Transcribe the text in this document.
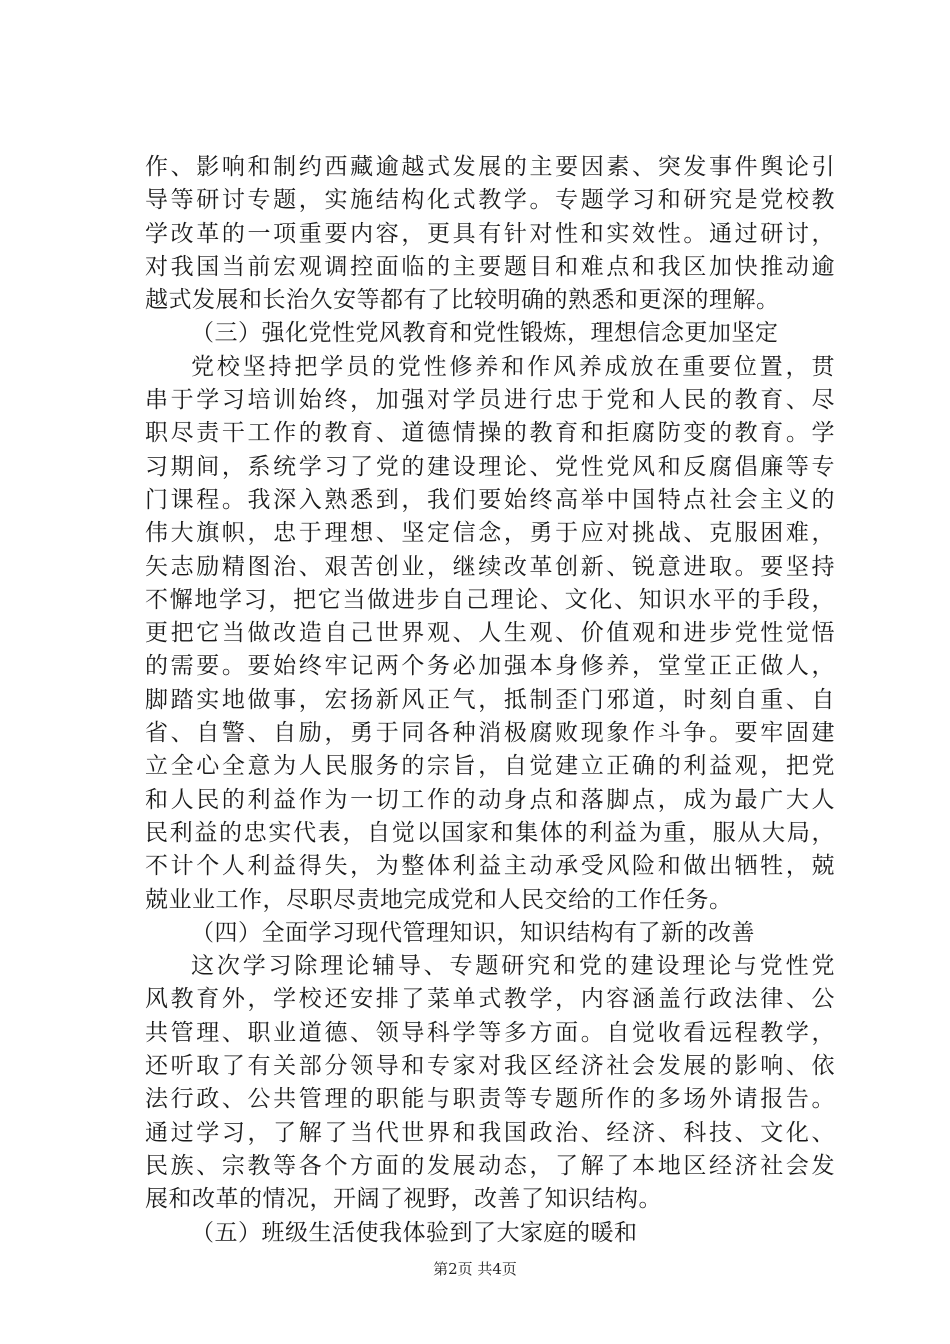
作、影响和制约西藏逾越式发展的主要因素、突发事件舆论引
导等研讨专题，实施结构化式教学。专题学习和研究是党校教
学改革的一项重要内容，更具有针对性和实效性。通过研讨，
对我国当前宏观调控面临的主要题目和难点和我区加快推动逾
越式发展和长治久安等都有了比较明确的熟悉和更深的理解。
（三）强化党性党风教育和党性锻炼，理想信念更加坚定
党校坚持把学员的党性修养和作风养成放在重要位置，贯
串于学习培训始终，加强对学员进行忠于党和人民的教育、尽
职尽责干工作的教育、道德情操的教育和拒腐防变的教育。学
习期间，系统学习了党的建设理论、党性党风和反腐倡廉等专
门课程。我深入熟悉到，我们要始终高举中国特点社会主义的
伟大旗帜，忠于理想、坚定信念，勇于应对挑战、克服困难，
矢志励精图治、艰苦创业，继续改革创新、锐意进取。要坚持
不懈地学习，把它当做进步自己理论、文化、知识水平的手段，
更把它当做改造自己世界观、人生观、价值观和进步党性觉悟
的需要。要始终牢记两个务必加强本身修养，堂堂正正做人，
脚踏实地做事，宏扬新风正气，抵制歪门邪道，时刻自重、自
省、自警、自励，勇于同各种消极腐败现象作斗争。要牢固建
立全心全意为人民服务的宗旨，自觉建立正确的利益观，把党
和人民的利益作为一切工作的动身点和落脚点，成为最广大人
民利益的忠实代表，自觉以国家和集体的利益为重，服从大局，
不计个人利益得失，为整体利益主动承受风险和做出牺牲，兢
兢业业工作，尽职尽责地完成党和人民交给的工作任务。
（四）全面学习现代管理知识，知识结构有了新的改善
这次学习除理论辅导、专题研究和党的建设理论与党性党
风教育外，学校还安排了菜单式教学，内容涵盖行政法律、公
共管理、职业道德、领导科学等多方面。自觉收看远程教学，
还听取了有关部分领导和专家对我区经济社会发展的影响、依
法行政、公共管理的职能与职责等专题所作的多场外请报告。
通过学习，了解了当代世界和我国政治、经济、科技、文化、
民族、宗教等各个方面的发展动态，了解了本地区经济社会发
展和改革的情况，开阔了视野，改善了知识结构。
（五）班级生活使我体验到了大家庭的暖和
第2页 共4页
